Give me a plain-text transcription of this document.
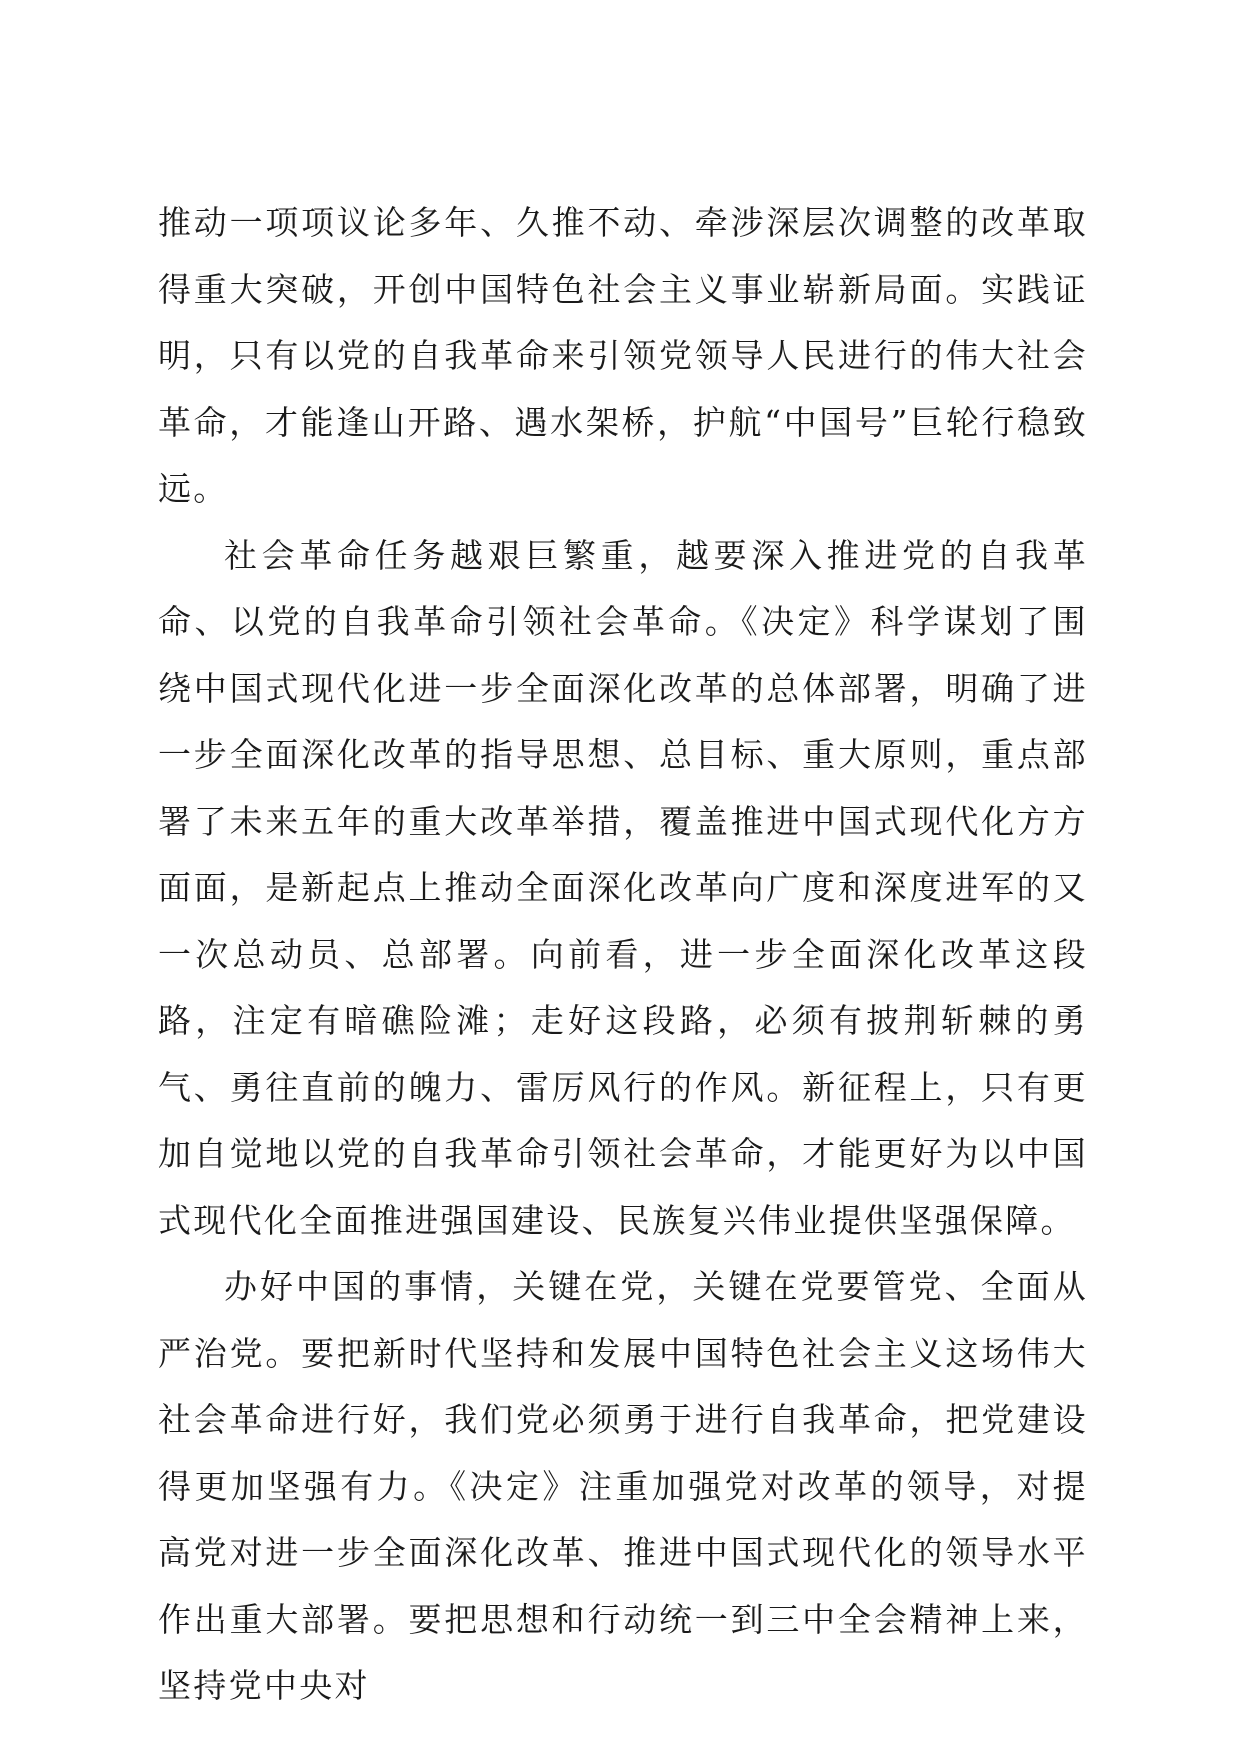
推动一项项议论多年、久推不动、牵涉深层次调整的改革取得重大突破，开创中国特色社会主义事业崭新局面。实践证明，只有以党的自我革命来引领党领导人民进行的伟大社会革命，才能逢山开路、遇水架桥，护航“中国号”巨轮行稳致远。

社会革命任务越艰巨繁重，越要深入推进党的自我革命、以党的自我革命引领社会革命。《决定》科学谋划了围绕中国式现代化进一步全面深化改革的总体部署，明确了进一步全面深化改革的指导思想、总目标、重大原则，重点部署了未来五年的重大改革举措，覆盖推进中国式现代化方方面面，是新起点上推动全面深化改革向广度和深度进军的又一次总动员、总部署。向前看，进一步全面深化改革这段路，注定有暗礁险滩；走好这段路，必须有披荆斩棘的勇气、勇往直前的魄力、雷厉风行的作风。新征程上，只有更加自觉地以党的自我革命引领社会革命，才能更好为以中国式现代化全面推进强国建设、民族复兴伟业提供坚强保障。

办好中国的事情，关键在党，关键在党要管党、全面从严治党。要把新时代坚持和发展中国特色社会主义这场伟大社会革命进行好，我们党必须勇于进行自我革命，把党建设得更加坚强有力。《决定》注重加强党对改革的领导，对提高党对进一步全面深化改革、推进中国式现代化的领导水平作出重大部署。要把思想和行动统一到三中全会精神上来，坚持党中央对
